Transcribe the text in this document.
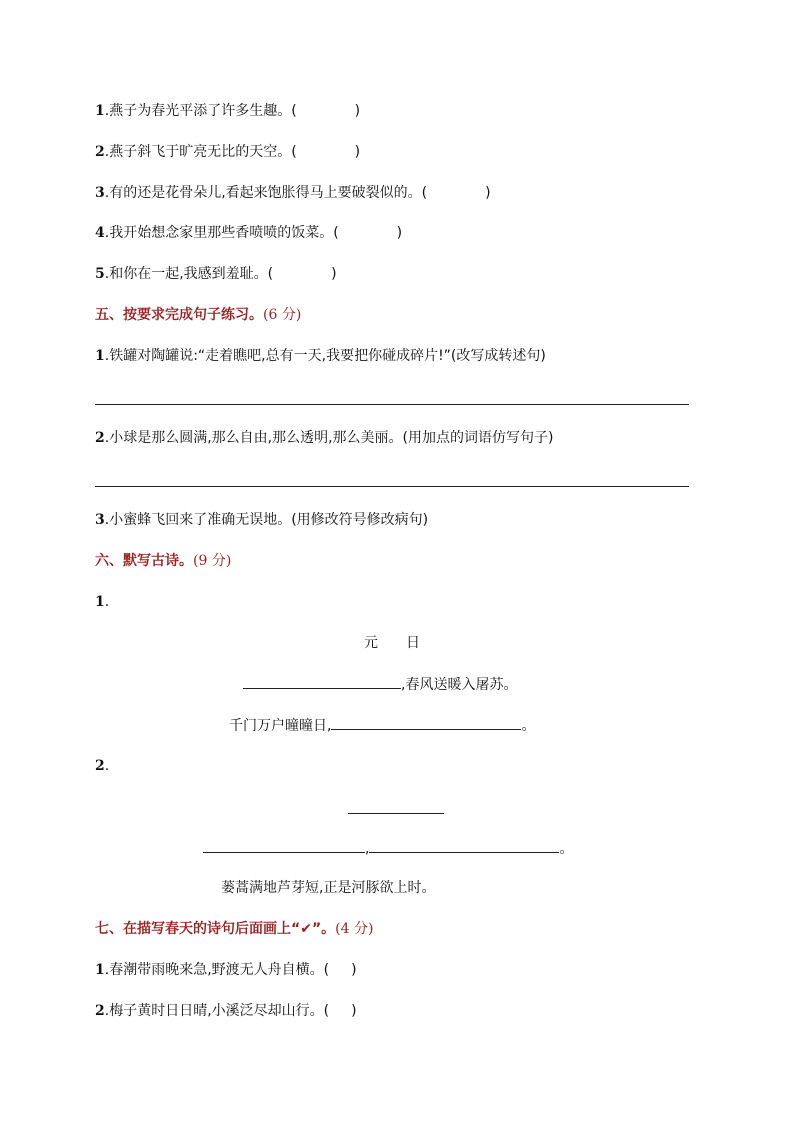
1.燕子为春光平添了许多生趣。(	)
2.燕子斜飞于旷亮无比的天空。(	)
3.有的还是花骨朵儿,看起来饱胀得马上要破裂似的。(	)
4.我开始想念家里那些香喷喷的饭菜。(	)
5.和你在一起,我感到羞耻。(	)
五、按要求完成句子练习。(6 分)
1.铁罐对陶罐说:“走着瞧吧,总有一天,我要把你碰成碎片!”(改写成转述句)
2.小球是那么圆满,那么自由,那么透明,那么美丽。(用加点的词语仿写句子)
3.小蜜蜂飞回来了准确无误地。(用修改符号修改病句)
六、默写古诗。(9 分)
1.
元　　日
,春风送暖入屠苏。
千门万户曈曈日,	。
2.
,	。
蒌蒿满地芦芽短,正是河豚欲上时。
七、在描写春天的诗句后面画上“✔”。(4 分)
1.春潮带雨晚来急,野渡无人舟自横。( )
2.梅子黄时日日晴,小溪泛尽却山行。( )
